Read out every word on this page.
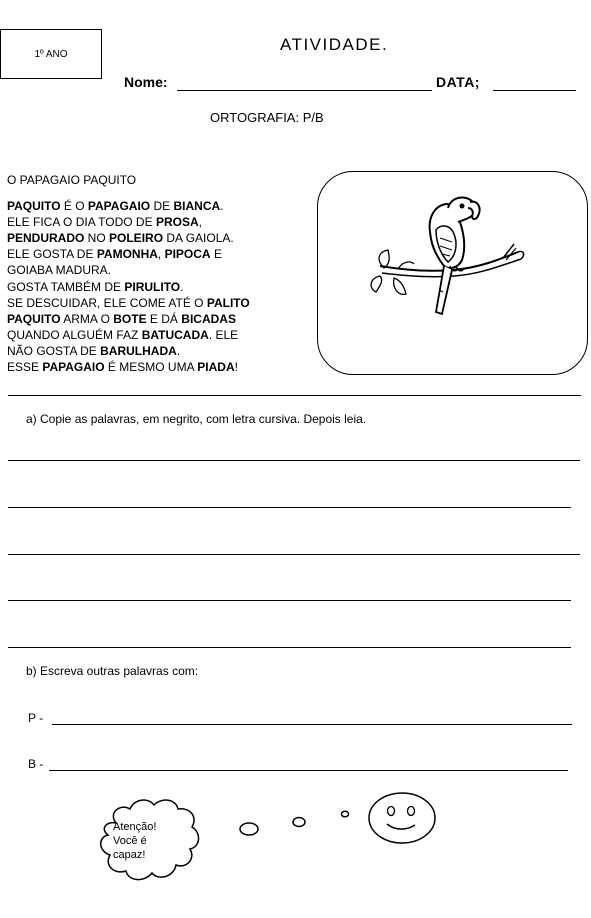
1º ANO	ATIVIDADE.
Nome:	DATA;
ORTOGRAFIA: P/B
O PAPAGAIO PAQUITO
PAQUITO É O PAPAGAIO DE BIANCA.
ELE FICA O DIA TODO DE PROSA,
PENDURADO NO POLEIRO DA GAIOLA.
ELE GOSTA DE PAMONHA, PIPOCA E
GOIABA MADURA.
GOSTA TAMBÉM DE PIRULITO.
SE DESCUIDAR, ELE COME ATÉ O PALITO
PAQUITO ARMA O BOTE E DÁ BICADAS
QUANDO ALGUÉM FAZ BATUCADA. ELE
NÃO GOSTA DE BARULHADA.
ESSE PAPAGAIO É MESMO UMA PIADA!
a) Copie as palavras, em negrito, com letra cursiva. Depois leia.
b) Escreva outras palavras com:
P -
B -
Atenção!
Você é
capaz!
